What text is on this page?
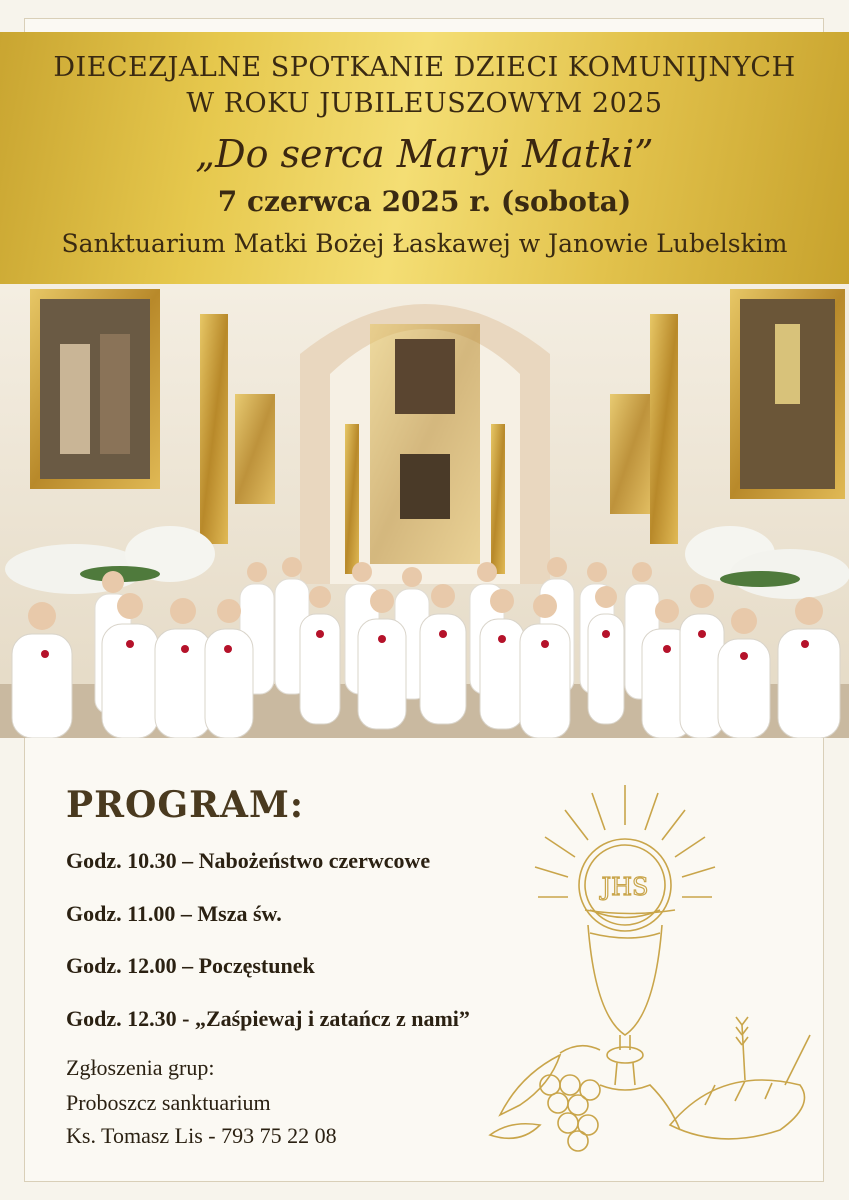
DIECEZJALNE SPOTKANIE DZIECI KOMUNIJNYCH
W ROKU JUBILEUSZOWYM 2025
„Do serca Maryi Matki”
7 czerwca 2025 r. (sobota)
Sanktuarium Matki Bożej Łaskawej w Janowie Lubelskim
PROGRAM:
Godz. 10.30 – Nabożeństwo czerwcowe
Godz. 11.00 – Msza św.
Godz. 12.00 – Poczęstunek
Godz. 12.30 - „Zaśpiewaj i zatańcz z nami”
Zgłoszenia grup:
Proboszcz sanktuarium
Ks. Tomasz Lis - 793 75 22 08
JHS
